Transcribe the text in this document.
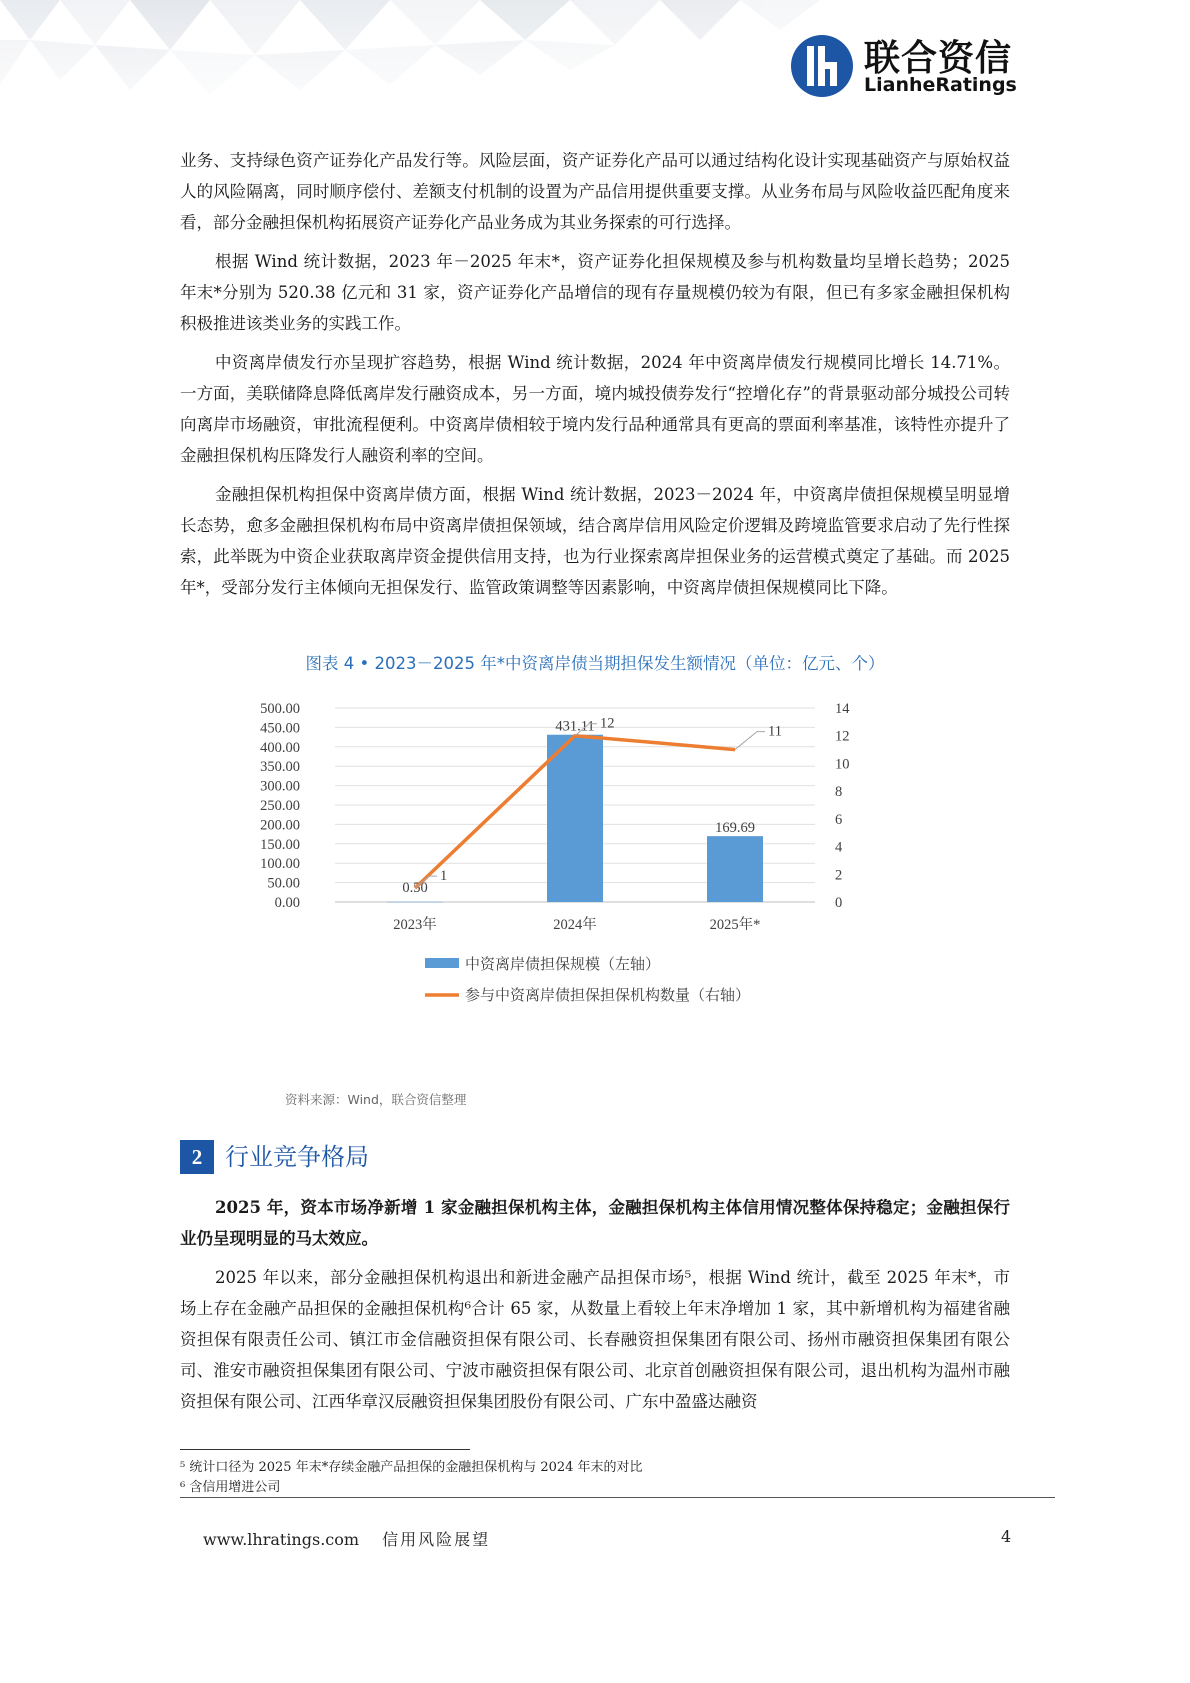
联合资信
LianheRatings

业务、支持绿色资产证券化产品发行等。风险层面，资产证券化产品可以通过结构化设计实现基础资产与原始权益人的风险隔离，同时顺序偿付、差额支付机制的设置为产品信用提供重要支撑。从业务布局与风险收益匹配角度来看，部分金融担保机构拓展资产证券化产品业务成为其业务探索的可行选择。

根据 Wind 统计数据，2023 年－2025 年末*，资产证券化担保规模及参与机构数量均呈增长趋势；2025 年末*分别为 520.38 亿元和 31 家，资产证券化产品增信的现有存量规模仍较为有限，但已有多家金融担保机构积极推进该类业务的实践工作。

中资离岸债发行亦呈现扩容趋势，根据 Wind 统计数据，2024 年中资离岸债发行规模同比增长 14.71%。一方面，美联储降息降低离岸发行融资成本，另一方面，境内城投债券发行“控增化存”的背景驱动部分城投公司转向离岸市场融资，审批流程便利。中资离岸债相较于境内发行品种通常具有更高的票面利率基准，该特性亦提升了金融担保机构压降发行人融资利率的空间。

金融担保机构担保中资离岸债方面，根据 Wind 统计数据，2023－2024 年，中资离岸债担保规模呈明显增长态势，愈多金融担保机构布局中资离岸债担保领域，结合离岸信用风险定价逻辑及跨境监管要求启动了先行性探索，此举既为中资企业获取离岸资金提供信用支持，也为行业探索离岸担保业务的运营模式奠定了基础。而 2025 年*，受部分发行主体倾向无担保发行、监管政策调整等因素影响，中资离岸债担保规模同比下降。

图表 4 • 2023－2025 年*中资离岸债当期担保发生额情况（单位：亿元、个）
0.00
50.00
100.00
150.00
200.00
250.00
300.00
350.00
400.00
450.00
500.00
0
2
4
6
8
10
12
14
0.50
431.11
169.69
1
12	11
2023年	2024年	2025年*
中资离岸债担保规模（左轴）
参与中资离岸债担保担保机构数量（右轴）
资料来源：Wind，联合资信整理
2 行业竞争格局

2025 年，资本市场净新增 1 家金融担保机构主体，金融担保机构主体信用情况整体保持稳定；金融担保行业仍呈现明显的马太效应。

2025 年以来，部分金融担保机构退出和新进金融产品担保市场⁵，根据 Wind 统计，截至 2025 年末*，市场上存在金融产品担保的金融担保机构⁶合计 65 家，从数量上看较上年末净增加 1 家，其中新增机构为福建省融资担保有限责任公司、镇江市金信融资担保有限公司、长春融资担保集团有限公司、扬州市融资担保集团有限公司、淮安市融资担保集团有限公司、宁波市融资担保有限公司、北京首创融资担保有限公司，退出机构为温州市融资担保有限公司、江西华章汉辰融资担保集团股份有限公司、广东中盈盛达融资

⁵ 统计口径为 2025 年末*存续金融产品担保的金融担保机构与 2024 年末的对比
⁶ 含信用增进公司
www.lhratings.com 信用风险展望	4
